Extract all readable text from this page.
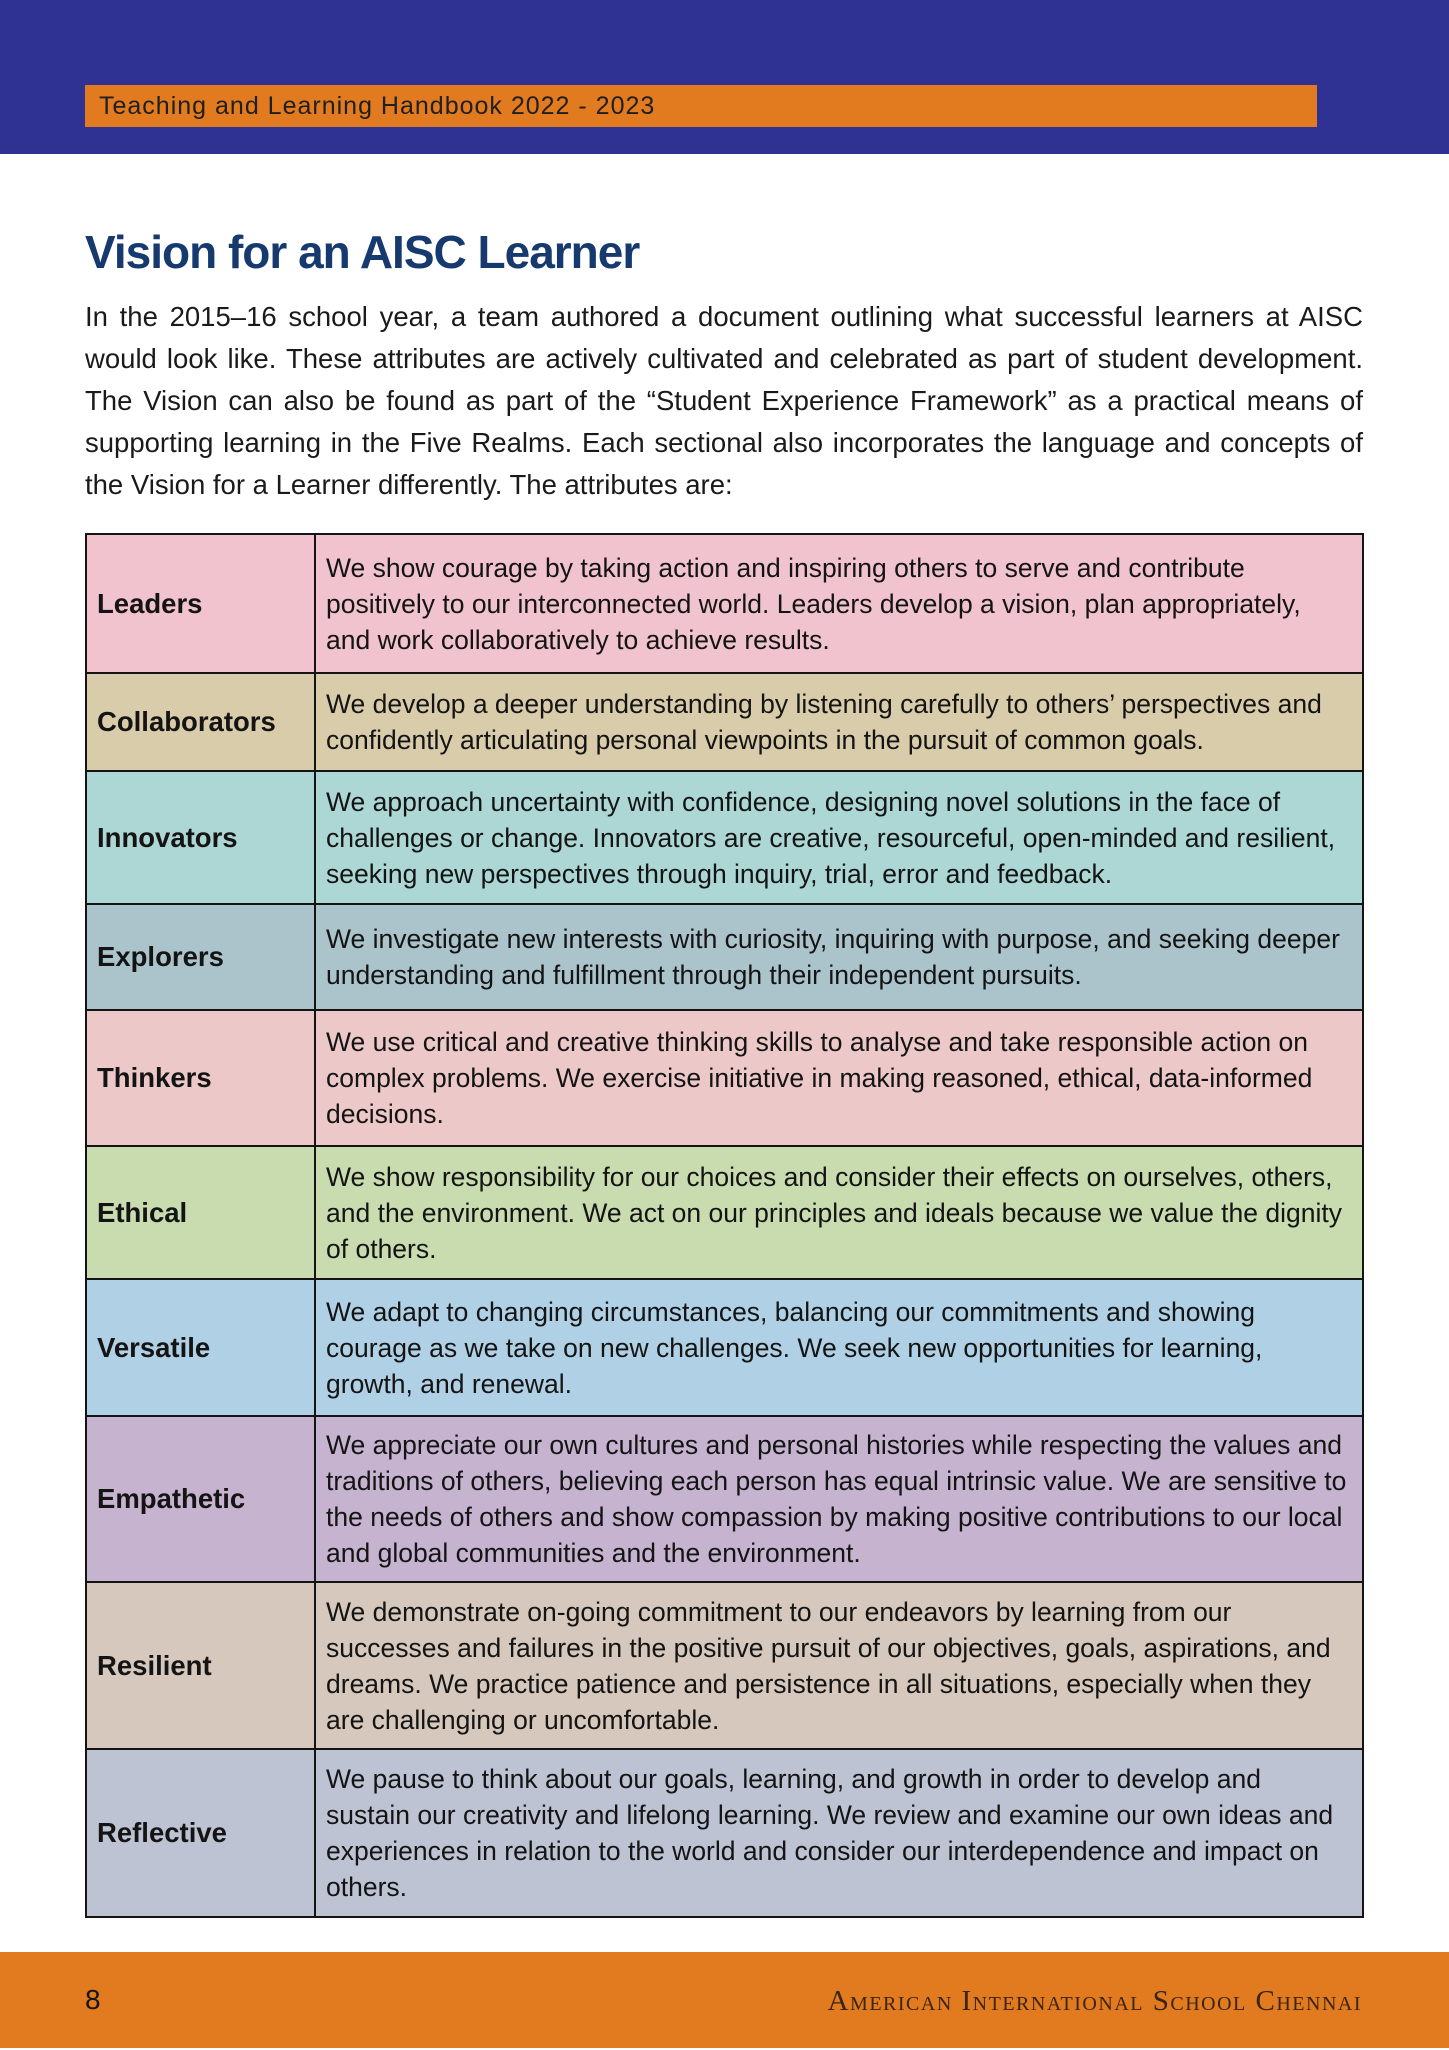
Teaching and Learning Handbook 2022 - 2023
Vision for an AISC Learner

In the 2015–16 school year, a team authored a document outlining what successful learners at AISC would look like. These attributes are actively cultivated and celebrated as part of student development. The Vision can also be found as part of the “Student Experience Framework” as a practical means of supporting learning in the Five Realms. Each sectional also incorporates the language and concepts of the Vision for a Learner differently. The attributes are:

Leaders	We show courage by taking action and inspiring others to serve and contribute positively to our interconnected world. Leaders develop a vision, plan appropriately, and work collaboratively to achieve results.
Collaborators	We develop a deeper understanding by listening carefully to others’ perspectives and confidently articulating personal viewpoints in the pursuit of common goals.
Innovators	We approach uncertainty with confidence, designing novel solutions in the face of challenges or change. Innovators are creative, resourceful, open-minded and resilient, seeking new perspectives through inquiry, trial, error and feedback.
Explorers	We investigate new interests with curiosity, inquiring with purpose, and seeking deeper understanding and fulfillment through their independent pursuits.
Thinkers	We use critical and creative thinking skills to analyse and take responsible action on complex problems. We exercise initiative in making reasoned, ethical, data-informed decisions.
Ethical	We show responsibility for our choices and consider their effects on ourselves, others, and the environment. We act on our principles and ideals because we value the dignity of others.
Versatile	We adapt to changing circumstances, balancing our commitments and showing courage as we take on new challenges. We seek new opportunities for learning, growth, and renewal.
Empathetic	We appreciate our own cultures and personal histories while respecting the values and traditions of others, believing each person has equal intrinsic value. We are sensitive to the needs of others and show compassion by making positive contributions to our local and global communities and the environment.
Resilient	We demonstrate on-going commitment to our endeavors by learning from our successes and failures in the positive pursuit of our objectives, goals, aspirations, and dreams. We practice patience and persistence in all situations, especially when they are challenging or uncomfortable.
Reflective	We pause to think about our goals, learning, and growth in order to develop and sustain our creativity and lifelong learning. We review and examine our own ideas and experiences in relation to the world and consider our interdependence and impact on others.
8	American International School Chennai
